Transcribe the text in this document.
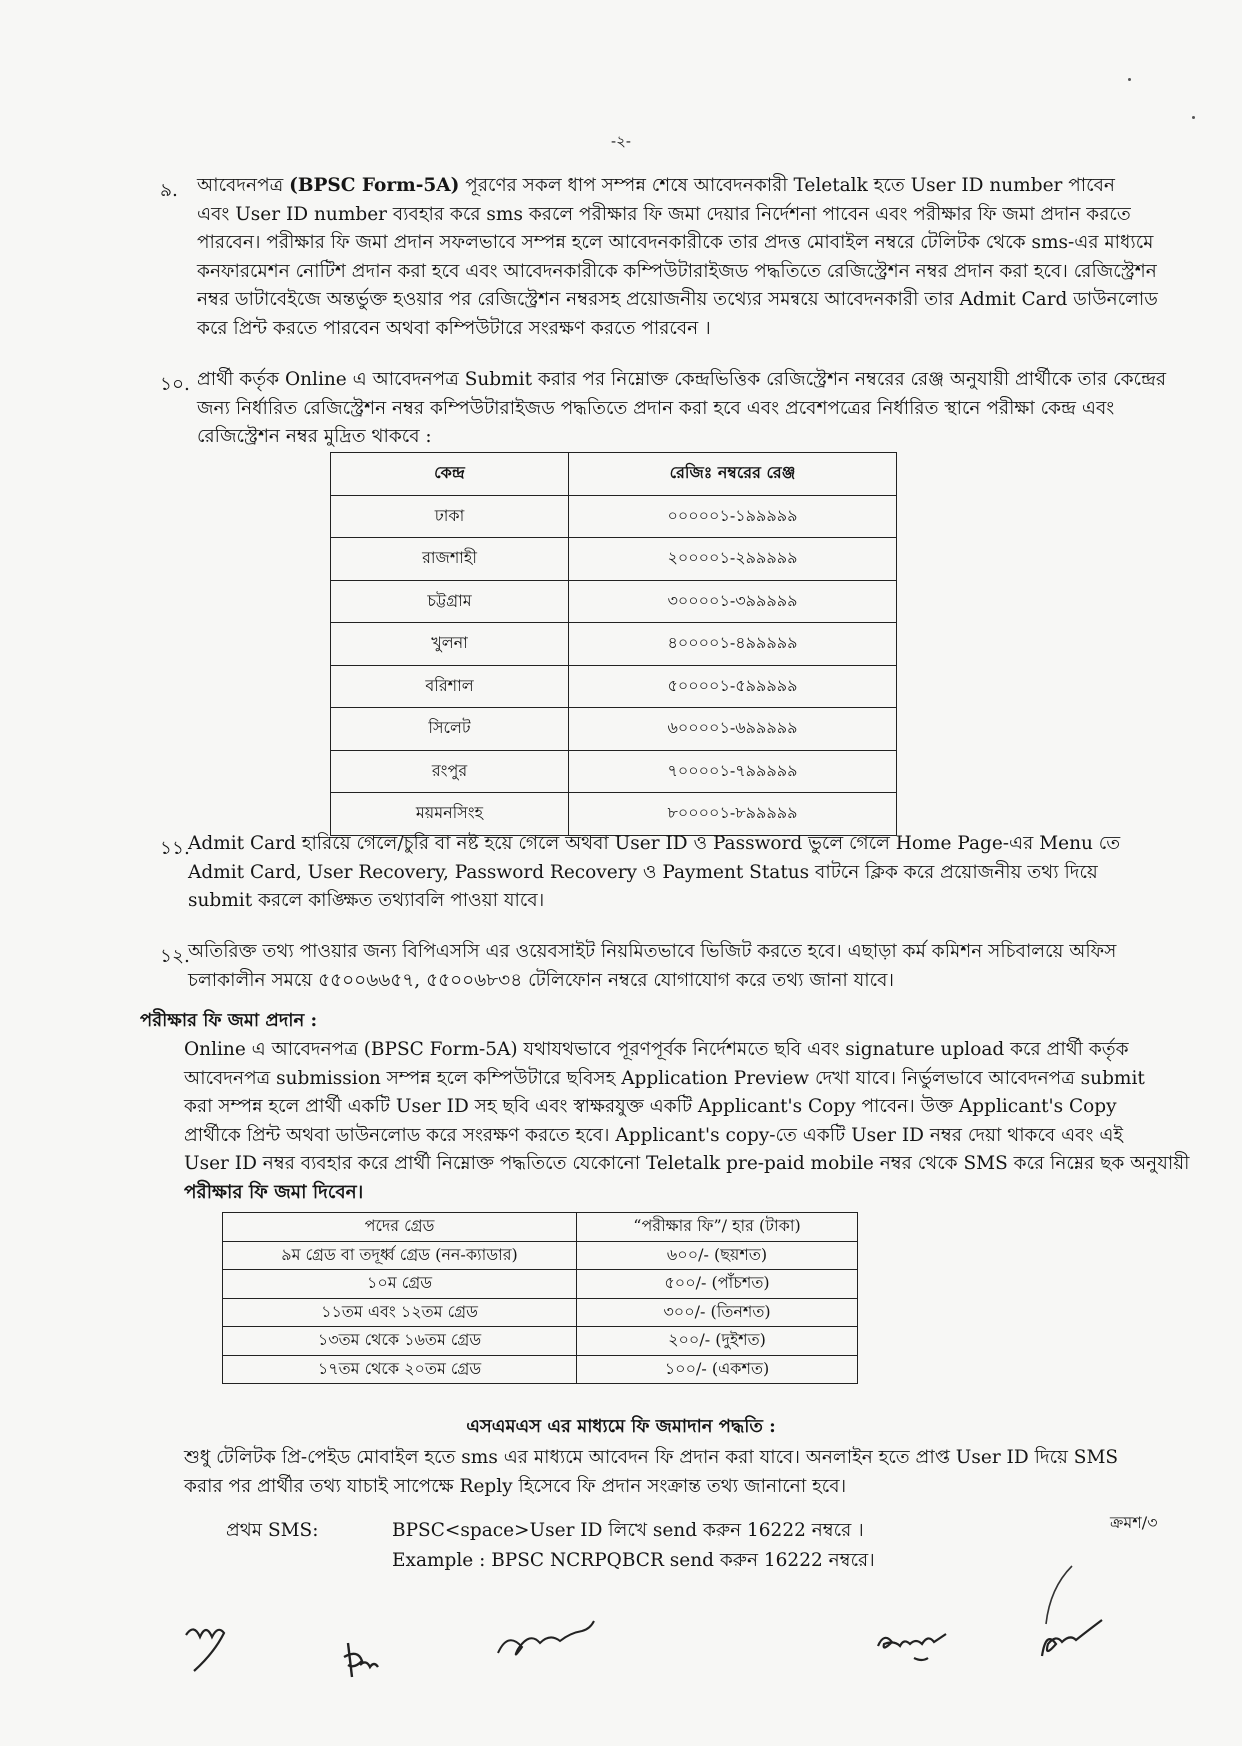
-২-
৯. আবেদনপত্র (BPSC Form-5A) পূরণের সকল ধাপ সম্পন্ন শেষে আবেদনকারী Teletalk হতে User ID number পাবেন
এবং User ID number ব্যবহার করে sms করলে পরীক্ষার ফি জমা দেয়ার নির্দেশনা পাবেন এবং পরীক্ষার ফি জমা প্রদান করতে
পারবেন। পরীক্ষার ফি জমা প্রদান সফলভাবে সম্পন্ন হলে আবেদনকারীকে তার প্রদত্ত মোবাইল নম্বরে টেলিটক থেকে sms-এর মাধ্যমে
কনফারমেশন নোটিশ প্রদান করা হবে এবং আবেদনকারীকে কম্পিউটারাইজড পদ্ধতিতে রেজিস্ট্রেশন নম্বর প্রদান করা হবে। রেজিস্ট্রেশন
নম্বর ডাটাবেইজে অন্তর্ভুক্ত হওয়ার পর রেজিস্ট্রেশন নম্বরসহ প্রয়োজনীয় তথ্যের সমন্বয়ে আবেদনকারী তার Admit Card ডাউনলোড
করে প্রিন্ট করতে পারবেন অথবা কম্পিউটারে সংরক্ষণ করতে পারবেন ।
১০. প্রার্থী কর্তৃক Online এ আবেদনপত্র Submit করার পর নিম্নোক্ত কেন্দ্রভিত্তিক রেজিস্ট্রেশন নম্বরের রেঞ্জ অনুযায়ী প্রার্থীকে তার কেন্দ্রের
জন্য নির্ধারিত রেজিস্ট্রেশন নম্বর কম্পিউটারাইজড পদ্ধতিতে প্রদান করা হবে এবং প্রবেশপত্রের নির্ধারিত স্থানে পরীক্ষা কেন্দ্র এবং
রেজিস্ট্রেশন নম্বর মুদ্রিত থাকবে :
কেন্দ্র	রেজিঃ নম্বরের রেঞ্জ
ঢাকা	০০০০০১-১৯৯৯৯৯
রাজশাহী	২০০০০১-২৯৯৯৯৯
চট্টগ্রাম	৩০০০০১-৩৯৯৯৯৯
খুলনা	৪০০০০১-৪৯৯৯৯৯
বরিশাল	৫০০০০১-৫৯৯৯৯৯
সিলেট	৬০০০০১-৬৯৯৯৯৯
রংপুর	৭০০০০১-৭৯৯৯৯৯
ময়মনসিংহ	৮০০০০১-৮৯৯৯৯৯
১১.
Admit Card হারিয়ে গেলে/চুরি বা নষ্ট হয়ে গেলে অথবা User ID ও Password ভুলে গেলে Home Page-এর Menu তে
Admit Card, User Recovery, Password Recovery ও Payment Status বাটনে ক্লিক করে প্রয়োজনীয় তথ্য দিয়ে
submit করলে কাঙ্ক্ষিত তথ্যাবলি পাওয়া যাবে।
১২.
অতিরিক্ত তথ্য পাওয়ার জন্য বিপিএসসি এর ওয়েবসাইট নিয়মিতভাবে ভিজিট করতে হবে। এছাড়া কর্ম কমিশন সচিবালয়ে অফিস
চলাকালীন সময়ে ৫৫০০৬৬৫৭, ৫৫০০৬৮৩৪ টেলিফোন নম্বরে যোগাযোগ করে তথ্য জানা যাবে।
পরীক্ষার ফি জমা প্রদান :
Online এ আবেদনপত্র (BPSC Form-5A) যথাযথভাবে পূরণপূর্বক নির্দেশমতে ছবি এবং signature upload করে প্রার্থী কর্তৃক
আবেদনপত্র submission সম্পন্ন হলে কম্পিউটারে ছবিসহ Application Preview দেখা যাবে। নির্ভুলভাবে আবেদনপত্র submit
করা সম্পন্ন হলে প্রার্থী একটি User ID সহ ছবি এবং স্বাক্ষরযুক্ত একটি Applicant's Copy পাবেন। উক্ত Applicant's Copy
প্রার্থীকে প্রিন্ট অথবা ডাউনলোড করে সংরক্ষণ করতে হবে। Applicant's copy-তে একটি User ID নম্বর দেয়া থাকবে এবং এই
User ID নম্বর ব্যবহার করে প্রার্থী নিম্নোক্ত পদ্ধতিতে যেকোনো Teletalk pre-paid mobile নম্বর থেকে SMS করে নিম্নের ছক অনুযায়ী
পরীক্ষার ফি জমা দিবেন।
পদের গ্রেড	“পরীক্ষার ফি”/ হার (টাকা)
৯ম গ্রেড বা তদূর্ধ্ব গ্রেড (নন-ক্যাডার)	৬০০/- (ছয়শত)
১০ম গ্রেড	৫০০/- (পাঁচশত)
১১তম এবং ১২তম গ্রেড	৩০০/- (তিনশত)
১৩তম থেকে ১৬তম গ্রেড	২০০/- (দুইশত)
১৭তম থেকে ২০তম গ্রেড	১০০/- (একশত)
এসএমএস এর মাধ্যমে ফি জমাদান পদ্ধতি :
শুধু টেলিটক প্রি-পেইড মোবাইল হতে sms এর মাধ্যমে আবেদন ফি প্রদান করা যাবে। অনলাইন হতে প্রাপ্ত User ID দিয়ে SMS
করার পর প্রার্থীর তথ্য যাচাই সাপেক্ষে Reply হিসেবে ফি প্রদান সংক্রান্ত তথ্য জানানো হবে।
প্রথম SMS:	BPSC<space>User ID লিখে send করুন 16222 নম্বরে ।
Example : BPSC NCRPQBCR send করুন 16222 নম্বরে।
ক্রমশ/৩
